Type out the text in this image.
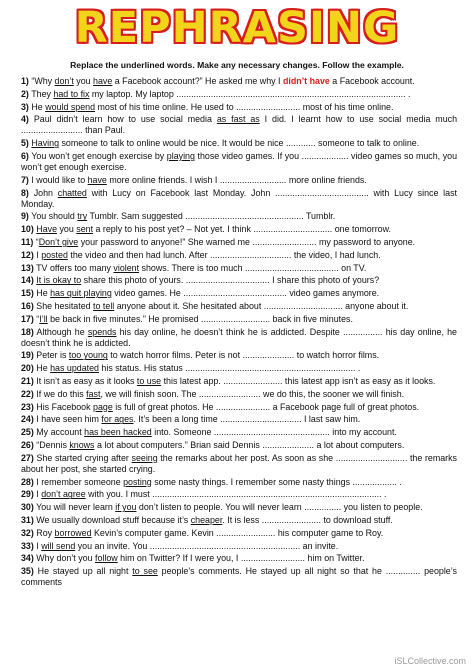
REPHRASING
Replace the underlined words. Make any necessary changes. Follow the example.
1) “Why don’t you have a Facebook account?” He asked me why I didn’t have a Facebook account.
2) They had to fix my laptop. My laptop ............................................................................................. .
3) He would spend most of his time online. He used to .......................... most of his time online.
4) Paul didn’t learn how to use social media as fast as I did. I learnt how to use social media much ......................... than Paul.
5) Having someone to talk to online would be nice. It would be nice ............ someone to talk to online.
6) You won’t get enough exercise by playing those video games. If you ................... video games so much, you won’t get enough exercise.
7) I would like to have more online friends. I wish I ........................... more online friends.
8) John chatted with Lucy on Facebook last Monday. John ...................................... with Lucy since last Monday.
9) You should try Tumblr. Sam suggested ................................................ Tumblr.
10) Have you sent a reply to his post yet? – Not yet. I think ................................ one tomorrow.
11) “Don’t give your password to anyone!” She warned me .......................... my password to anyone.
12) I posted the video and then had lunch. After ................................. the video, I had lunch.
13) TV offers too many violent shows. There is too much ...................................... on TV.
14) It is okay to share this photo of yours. .................................. I share this photo of yours?
15) He has quit playing video games. He .......................................... video games anymore.
16) She hesitated to tell anyone about it. She hesitated about ................................ anyone about it.
17) “I’ll be back in five minutes.” He promised ............................ back in five minutes.
18) Although he spends his day online, he doesn’t think he is addicted. Despite ................ his day online, he doesn’t think he is addicted.
19) Peter is too young to watch horror films. Peter is not ..................... to watch horror films.
20) He has updated his status. His status ..................................................................... .
21) It isn’t as easy as it looks to use this latest app. ........................ this latest app isn’t as easy as it looks.
22) If we do this fast, we will finish soon. The ......................... we do this, the sooner we will finish.
23) His Facebook page is full of great photos. He ...................... a Facebook page full of great photos.
24) I have seen him for ages. It’s been a long time ................................. I last saw him.
25) My account has been hacked into. Someone ............................................... into my account.
26) “Dennis knows a lot about computers.” Brian said Dennis ..................... a lot about computers.
27) She started crying after seeing the remarks about her post. As soon as she ............................. the remarks about her post, she started crying.
28) I remember someone posting some nasty things. I remember some nasty things .................. .
29) I don’t agree with you. I must ............................................................................................. .
30) You will never learn if you don’t listen to people. You will never learn ............... you listen to people.
31) We usually download stuff because it’s cheaper. It is less ........................ to download stuff.
32) Roy borrowed Kevin’s computer game. Kevin ........................ his computer game to Roy.
33) I will send you an invite. You ............................................................. an invite.
34) Why don’t you follow him on Twitter? If I were you, I .......................... him on Twitter.
35) He stayed up all night to see people’s comments. He stayed up all night so that he .............. people’s comments
iSLCollective.com
